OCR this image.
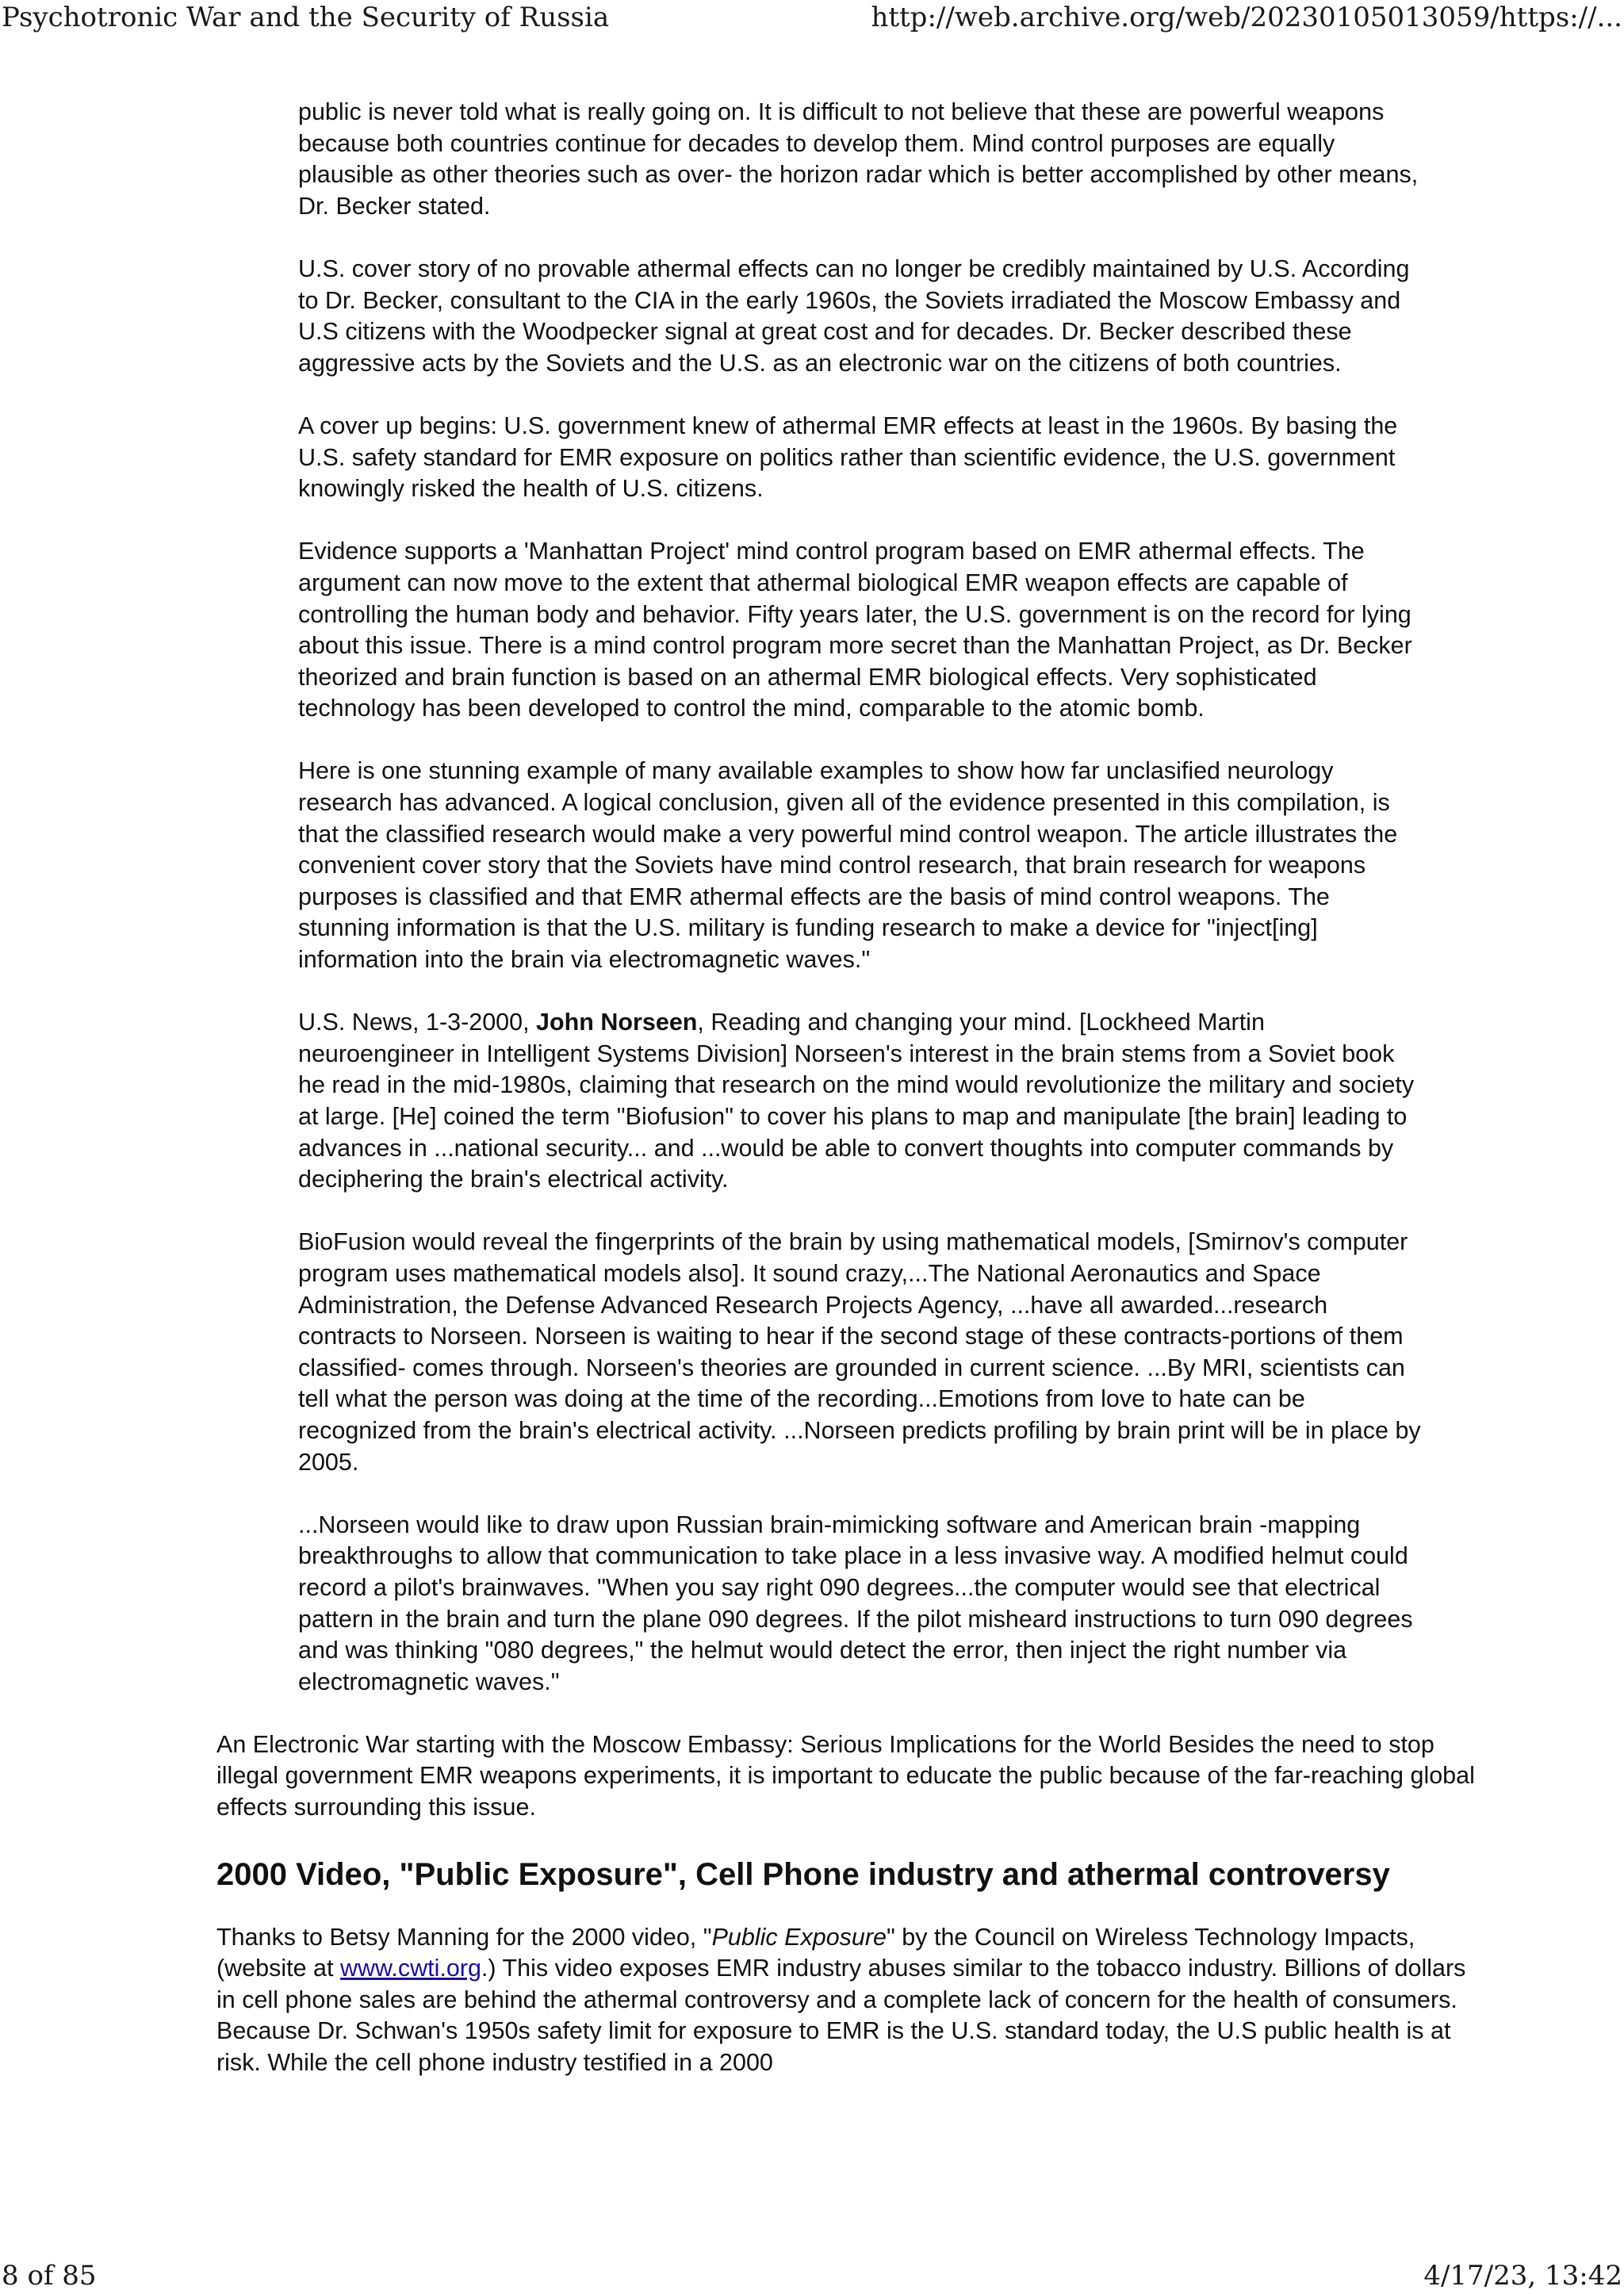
Psychotronic War and the Security of Russia	http://web.archive.org/web/20230105013059/https://...

public is never told what is really going on. It is difficult to not believe that these are powerful weapons because both countries continue for decades to develop them. Mind control purposes are equally plausible as other theories such as over- the horizon radar which is better accomplished by other means, Dr. Becker stated.

U.S. cover story of no provable athermal effects can no longer be credibly maintained by U.S. According to Dr. Becker, consultant to the CIA in the early 1960s, the Soviets irradiated the Moscow Embassy and U.S citizens with the Woodpecker signal at great cost and for decades. Dr. Becker described these aggressive acts by the Soviets and the U.S. as an electronic war on the citizens of both countries.

A cover up begins: U.S. government knew of athermal EMR effects at least in the 1960s. By basing the U.S. safety standard for EMR exposure on politics rather than scientific evidence, the U.S. government knowingly risked the health of U.S. citizens.

Evidence supports a 'Manhattan Project' mind control program based on EMR athermal effects. The argument can now move to the extent that athermal biological EMR weapon effects are capable of controlling the human body and behavior. Fifty years later, the U.S. government is on the record for lying about this issue. There is a mind control program more secret than the Manhattan Project, as Dr. Becker theorized and brain function is based on an athermal EMR biological effects. Very sophisticated technology has been developed to control the mind, comparable to the atomic bomb.

Here is one stunning example of many available examples to show how far unclasified neurology research has advanced. A logical conclusion, given all of the evidence presented in this compilation, is that the classified research would make a very powerful mind control weapon. The article illustrates the convenient cover story that the Soviets have mind control research, that brain research for weapons purposes is classified and that EMR athermal effects are the basis of mind control weapons. The stunning information is that the U.S. military is funding research to make a device for "inject[ing] information into the brain via electromagnetic waves."

U.S. News, 1-3-2000, John Norseen, Reading and changing your mind. [Lockheed Martin neuroengineer in Intelligent Systems Division] Norseen's interest in the brain stems from a Soviet book he read in the mid-1980s, claiming that research on the mind would revolutionize the military and society at large. [He] coined the term "Biofusion" to cover his plans to map and manipulate [the brain] leading to advances in ...national security... and ...would be able to convert thoughts into computer commands by deciphering the brain's electrical activity.

BioFusion would reveal the fingerprints of the brain by using mathematical models, [Smirnov's computer program uses mathematical models also]. It sound crazy,...The National Aeronautics and Space Administration, the Defense Advanced Research Projects Agency, ...have all awarded...research contracts to Norseen. Norseen is waiting to hear if the second stage of these contracts-portions of them classified- comes through. Norseen's theories are grounded in current science. ...By MRI, scientists can tell what the person was doing at the time of the recording...Emotions from love to hate can be recognized from the brain's electrical activity. ...Norseen predicts profiling by brain print will be in place by 2005.

...Norseen would like to draw upon Russian brain-mimicking software and American brain -mapping breakthroughs to allow that communication to take place in a less invasive way. A modified helmut could record a pilot's brainwaves. "When you say right 090 degrees...the computer would see that electrical pattern in the brain and turn the plane 090 degrees. If the pilot misheard instructions to turn 090 degrees and was thinking "080 degrees," the helmut would detect the error, then inject the right number via electromagnetic waves."

An Electronic War starting with the Moscow Embassy: Serious Implications for the World Besides the need to stop illegal government EMR weapons experiments, it is important to educate the public because of the far-reaching global effects surrounding this issue.

2000 Video, "Public Exposure", Cell Phone industry and athermal controversy

Thanks to Betsy Manning for the 2000 video, "Public Exposure" by the Council on Wireless Technology Impacts, (website at www.cwti.org.) This video exposes EMR industry abuses similar to the tobacco industry. Billions of dollars in cell phone sales are behind the athermal controversy and a complete lack of concern for the health of consumers. Because Dr. Schwan's 1950s safety limit for exposure to EMR is the U.S. standard today, the U.S public health is at risk. While the cell phone industry testified in a 2000

8 of 85	4/17/23, 13:42
